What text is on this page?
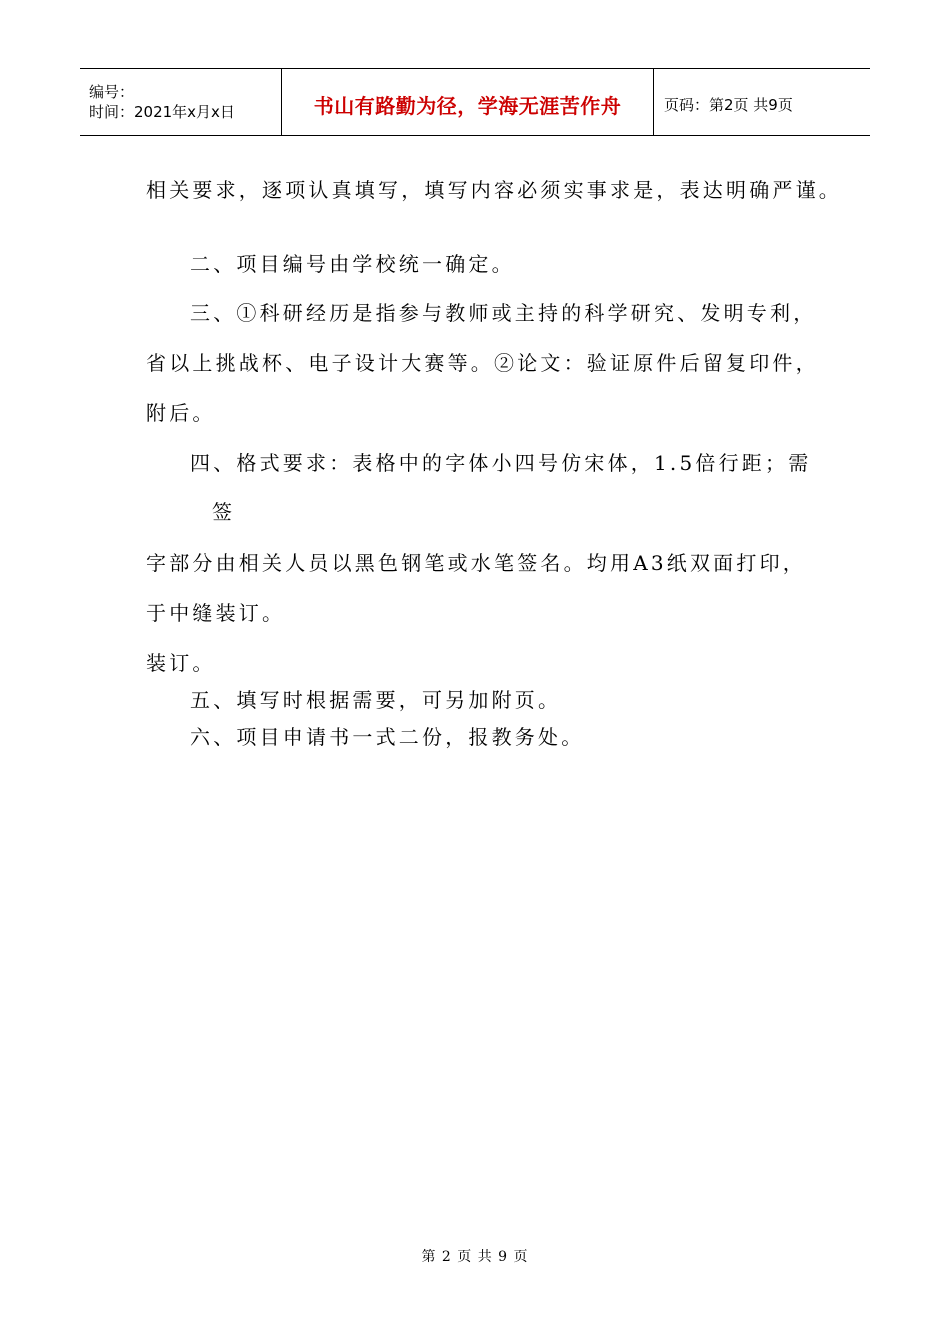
编号：
时间：2021年x月x日	书山有路勤为径，学海无涯苦作舟	页码：第2页 共9页
相关要求，逐项认真填写，填写内容必须实事求是，表达明确严谨。
二、项目编号由学校统一确定。
三、①科研经历是指参与教师或主持的科学研究、发明专利，
省以上挑战杯、电子设计大赛等。②论文：验证原件后留复印件，
附后。
四、格式要求：表格中的字体小四号仿宋体，1.5倍行距；需
签
字部分由相关人员以黑色钢笔或水笔签名。均用A3纸双面打印，
于中缝装订。
装订。
五、填写时根据需要，可另加附页。
六、项目申请书一式二份，报教务处。
第 2 页 共 9 页
